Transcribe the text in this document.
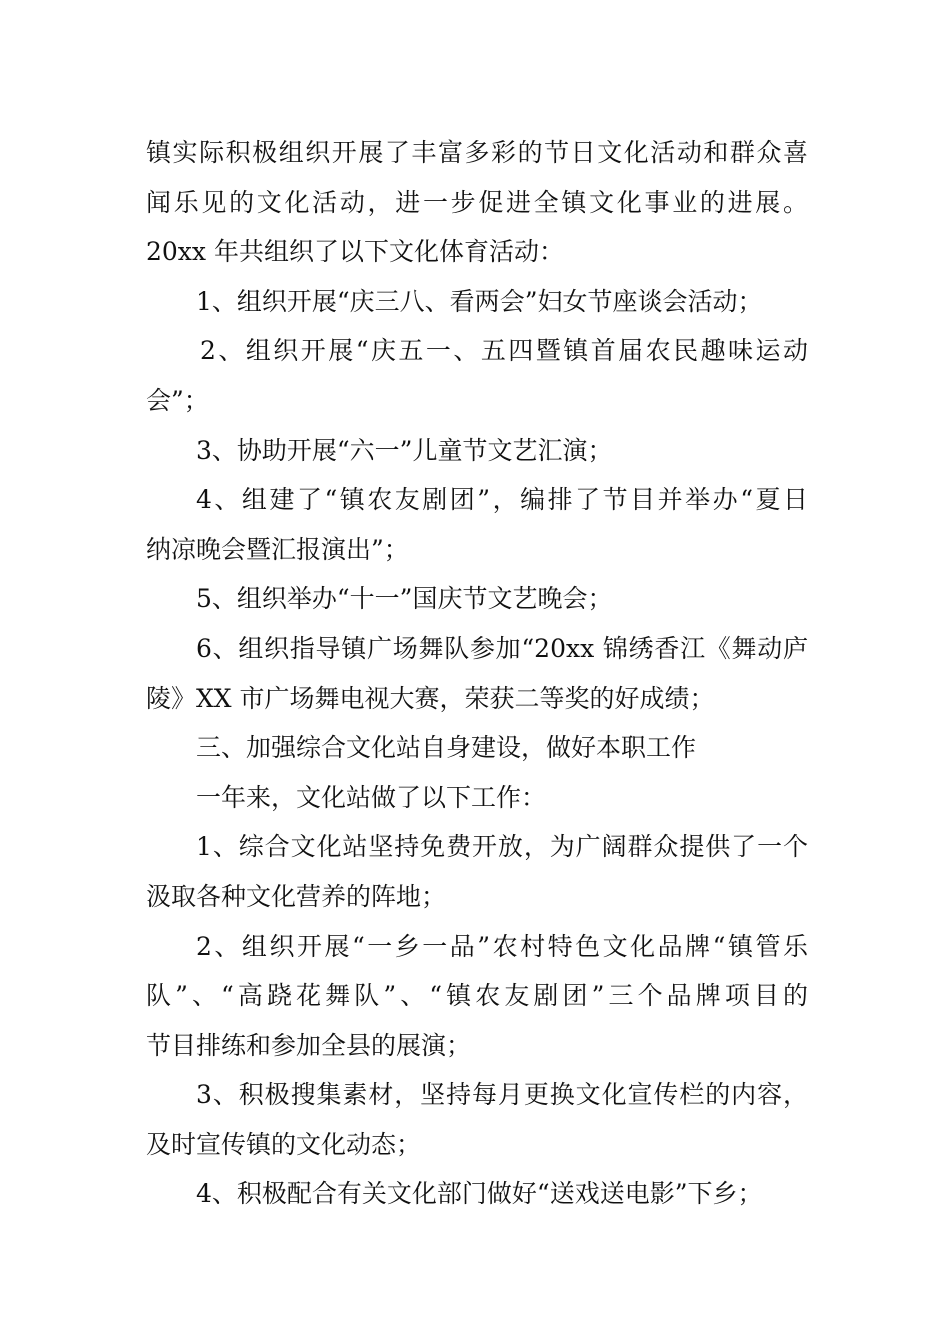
镇实际积极组织开展了丰富多彩的节日文化活动和群众喜
闻乐见的文化活动，进一步促进全镇文化事业的进展。
20xx 年共组织了以下文化体育活动：
1、组织开展“庆三八、看两会”妇女节座谈会活动；
2、组织开展“庆五一、五四暨镇首届农民趣味运动
会”；
3、协助开展“六一”儿童节文艺汇演；
4、组建了“镇农友剧团”，编排了节目并举办“夏日
纳凉晚会暨汇报演出”；
5、组织举办“十一”国庆节文艺晚会；
6、组织指导镇广场舞队参加“20xx 锦绣香江《舞动庐
陵》XX 市广场舞电视大赛，荣获二等奖的好成绩；
三、加强综合文化站自身建设，做好本职工作
一年来，文化站做了以下工作：
1、综合文化站坚持免费开放，为广阔群众提供了一个
汲取各种文化营养的阵地；
2、组织开展“一乡一品”农村特色文化品牌“镇管乐
队”、“高跷花舞队”、“镇农友剧团”三个品牌项目的
节目排练和参加全县的展演；
3、积极搜集素材，坚持每月更换文化宣传栏的内容，
及时宣传镇的文化动态；
4、积极配合有关文化部门做好“送戏送电影”下乡；
